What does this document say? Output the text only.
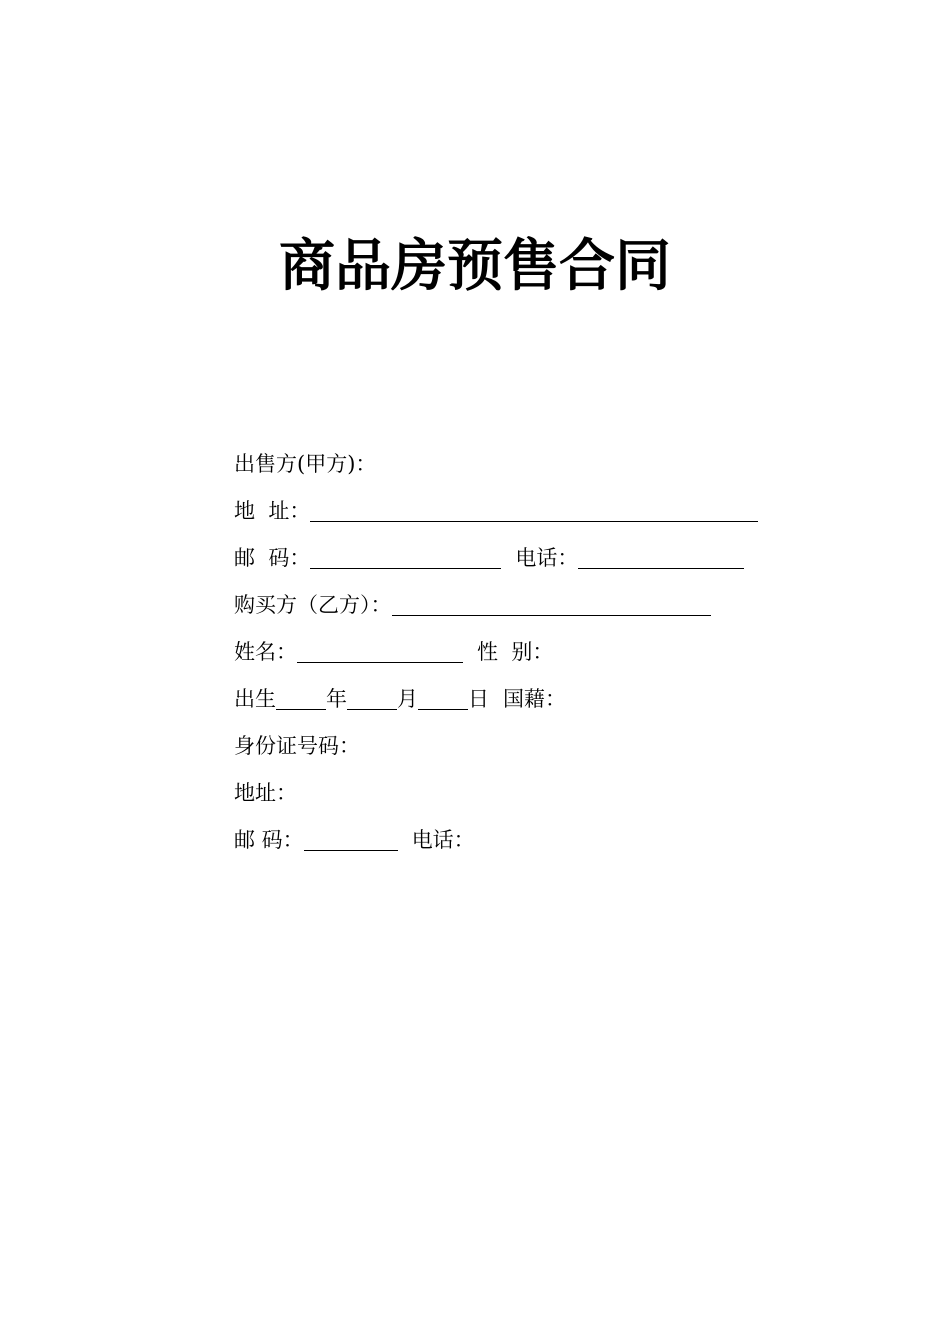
商品房预售合同
出售方(甲方)：
地  址：
邮  码：	电话：
购买方（乙方）：
姓名：	性  别：
出生 年 月 日 国藉：
身份证号码：
地址：
邮 码：	电话：
